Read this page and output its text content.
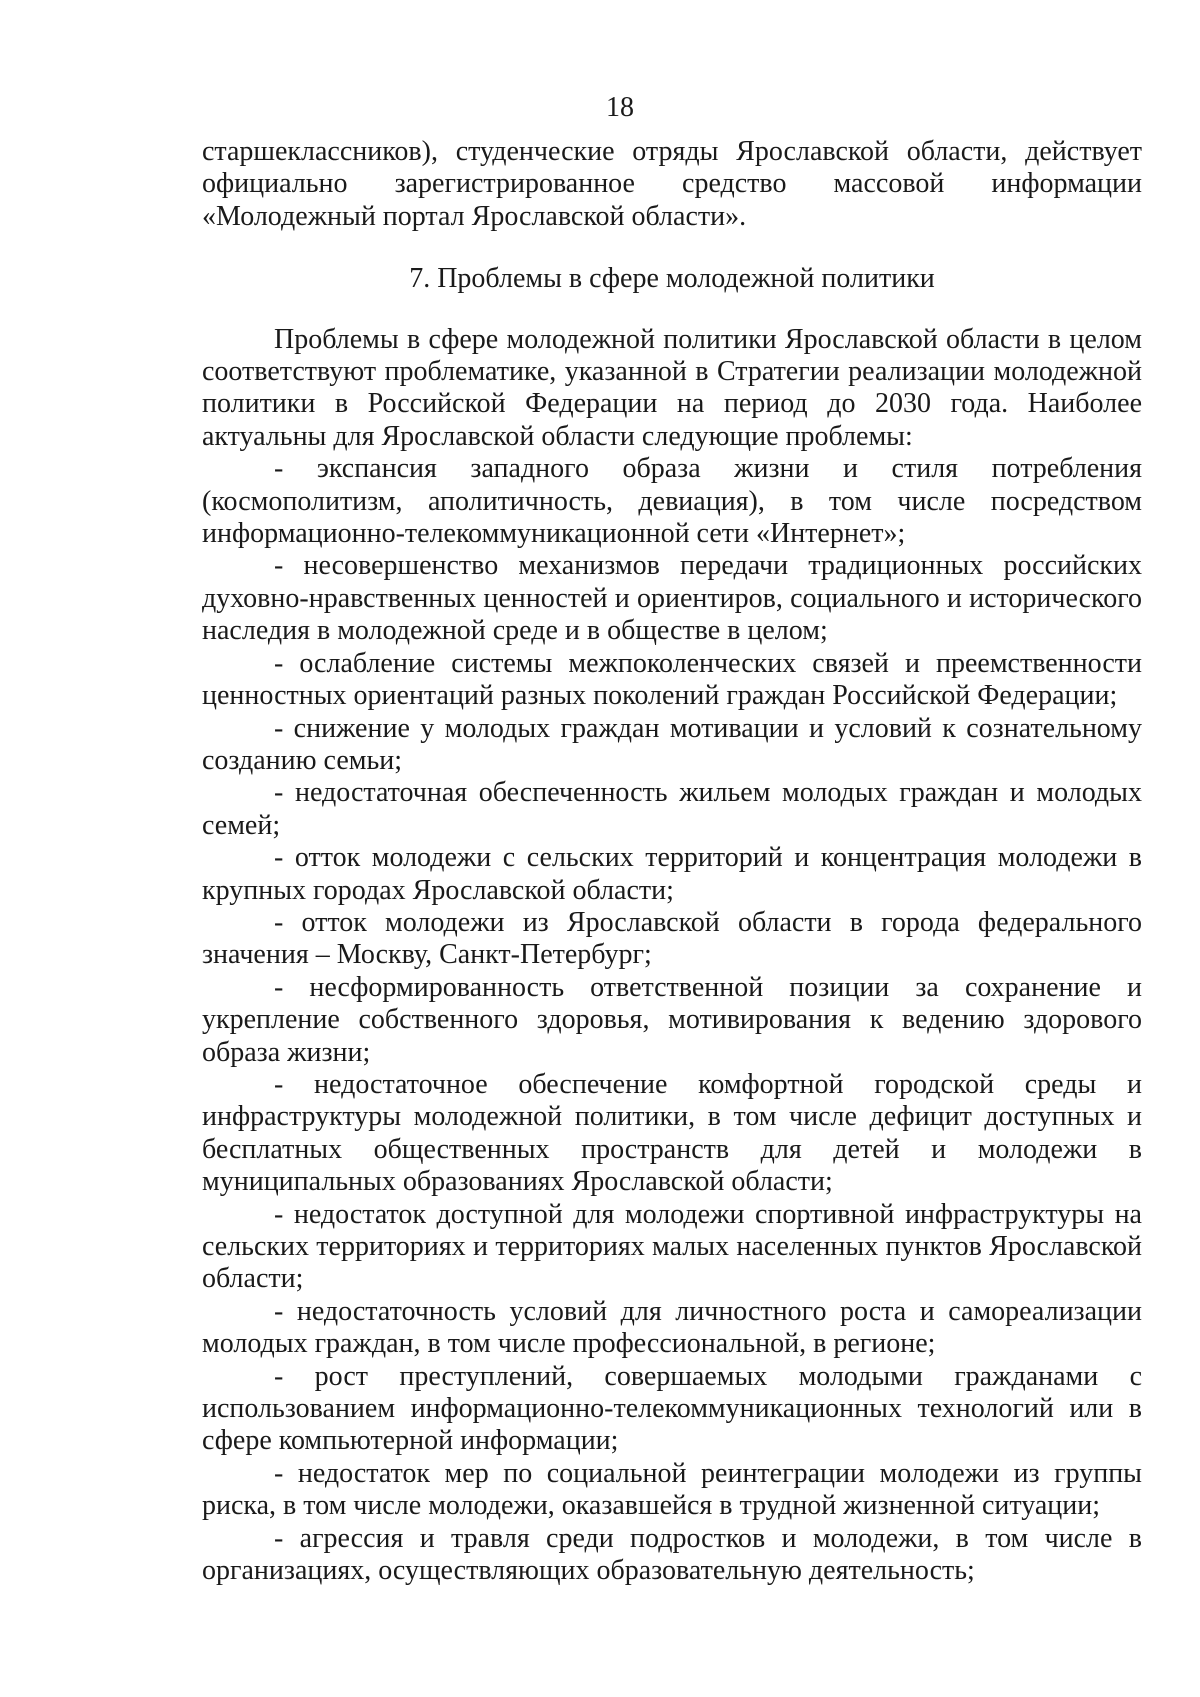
18

старшеклассников), студенческие отряды Ярославской области, действует официально зарегистрированное средство массовой информации «Молодежный портал Ярославской области».

7. Проблемы в сфере молодежной политики

Проблемы в сфере молодежной политики Ярославской области в целом соответствуют проблематике, указанной в Стратегии реализации молодежной политики в Российской Федерации на период до 2030 года. Наиболее актуальны для Ярославской области следующие проблемы:

- экспансия западного образа жизни и стиля потребления (космополитизм, аполитичность, девиация), в том числе посредством информационно-телекоммуникационной сети «Интернет»;
- несовершенство механизмов передачи традиционных российских духовно-нравственных ценностей и ориентиров, социального и исторического наследия в молодежной среде и в обществе в целом;
- ослабление системы межпоколенческих связей и преемственности ценностных ориентаций разных поколений граждан Российской Федерации;
- снижение у молодых граждан мотивации и условий к сознательному созданию семьи;
- недостаточная обеспеченность жильем молодых граждан и молодых семей;
- отток молодежи с сельских территорий и концентрация молодежи в крупных городах Ярославской области;
- отток молодежи из Ярославской области в города федерального значения – Москву, Санкт-Петербург;
- несформированность ответственной позиции за сохранение и укрепление собственного здоровья, мотивирования к ведению здорового образа жизни;
- недостаточное обеспечение комфортной городской среды и инфраструктуры молодежной политики, в том числе дефицит доступных и бесплатных общественных пространств для детей и молодежи в муниципальных образованиях Ярославской области;
- недостаток доступной для молодежи спортивной инфраструктуры на сельских территориях и территориях малых населенных пунктов Ярославской области;
- недостаточность условий для личностного роста и самореализации молодых граждан, в том числе профессиональной, в регионе;
- рост преступлений, совершаемых молодыми гражданами с использованием информационно-телекоммуникационных технологий или в сфере компьютерной информации;
- недостаток мер по социальной реинтеграции молодежи из группы риска, в том числе молодежи, оказавшейся в трудной жизненной ситуации;
- агрессия и травля среди подростков и молодежи, в том числе в организациях, осуществляющих образовательную деятельность;
